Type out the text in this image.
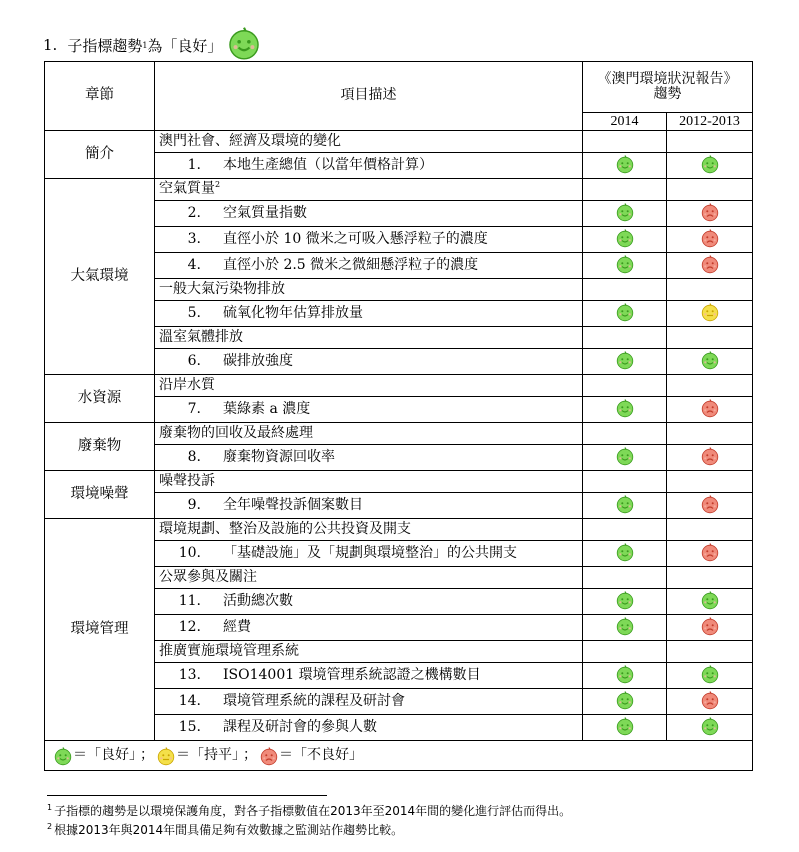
1. 子指標趨勢 1 為「良好」
章節	項目描述	《澳門環境狀況報告》
趨勢	
		2014	2012-2013
簡介	澳門社會、經濟及環境的變化		
	1. 本地生產總值（以當年價格計算）		
大氣環境	空氣質量$^2$		
	2. 空氣質量指數		
	3. 直徑小於 10 微米之可吸入懸浮粒子的濃度		
	4. 直徑小於 2.5 微米之微細懸浮粒子的濃度		
	一般大氣污染物排放		
	5. 硫氧化物年估算排放量		
	溫室氣體排放		
	6. 碳排放強度		
水資源	沿岸水質		
	7. 葉綠素 a 濃度		
廢棄物	廢棄物的回收及最終處理		
	8. 廢棄物資源回收率		
環境噪聲	噪聲投訴		
	9. 全年噪聲投訴個案數目		
環境管理	環境規劃、整治及設施的公共投資及開支		
	10. 「基礎設施」及「規劃與環境整治」的公共開支		
	公眾參與及關注		
	11. 活動總次數		
	12. 經費		
	推廣實施環境管理系統		
	13. ISO14001 環境管理系統認證之機構數目		
	14. 環境管理系統的課程及研討會		
	15. 課程及研討會的參與人數		
＝「良好」 ； ＝「持平」 ； ＝「不良好」			
$^1$ 子指標的趨勢是以環境保護角度，對各子指標數值在2013年至2014年間的變化進行評估而得出。
$^2$ 根據2013年與2014年間具備足夠有效數據之監測站作趨勢比較。
